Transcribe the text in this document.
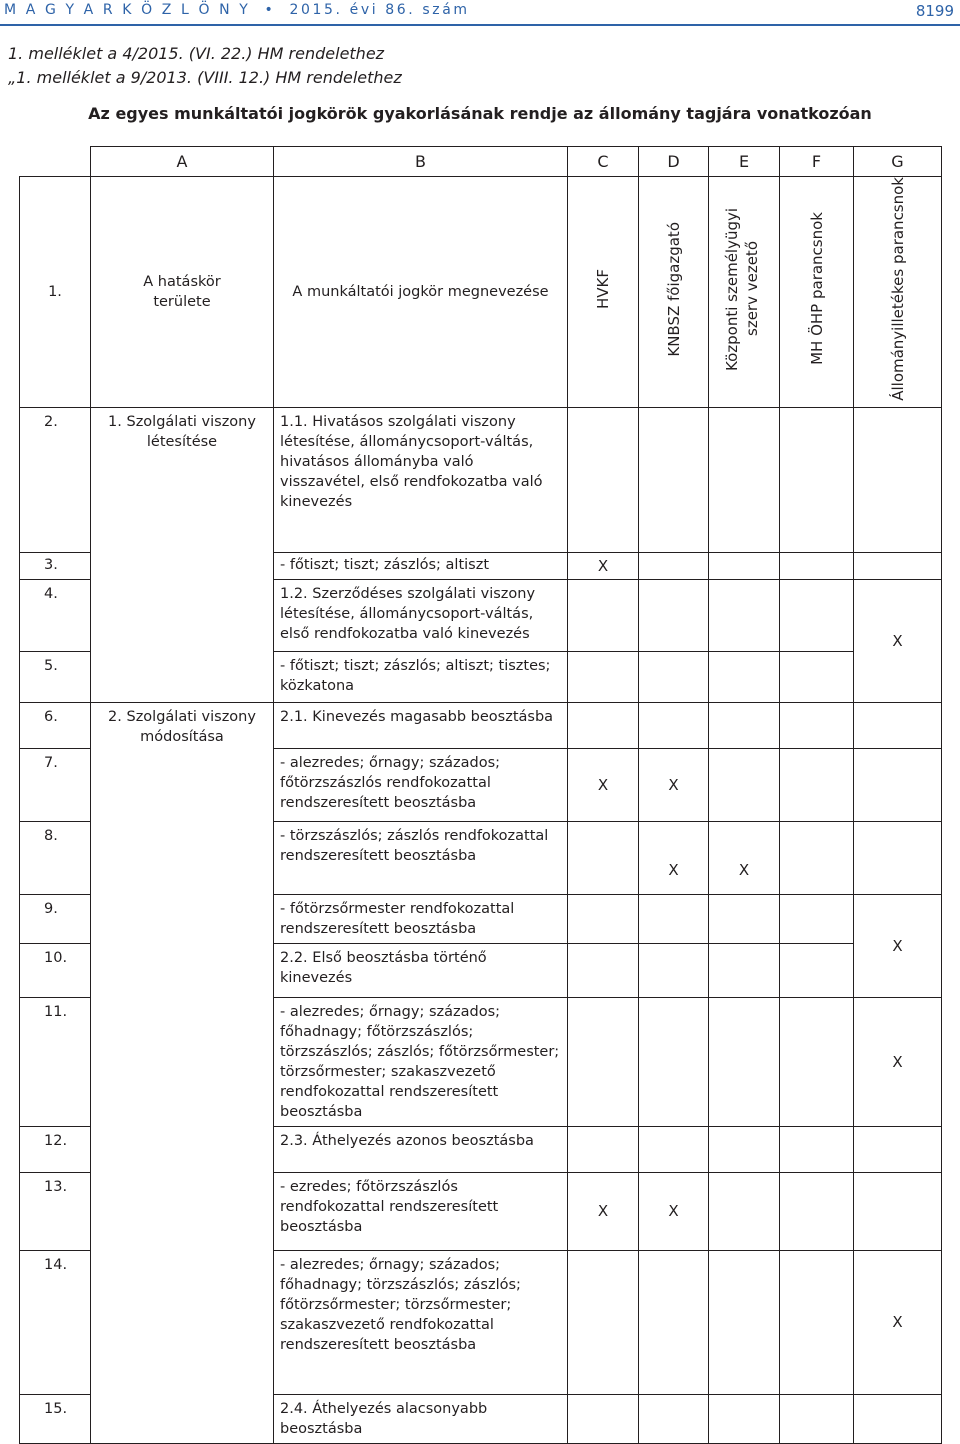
M A G Y A R K Ö Z L Ö N Y  •  2015. évi 86. szám	8199
1. melléklet a 4/2015. (VI. 22.) HM rendelethez
„1. melléklet a 9/2013. (VIII. 12.) HM rendelethez
Az egyes munkáltatói jogkörök gyakorlásának rendje az állomány tagjára vonatkozóan
	A	B	C	D	E	F	G
1.	A hatáskör területe	A munkáltatói jogkör megnevezése	HVKF	KNBSZ főigazgató	Központi személyügyi szerv vezető	MH ÖHP parancsnok	Állományilletékes parancsnok
2.	1. Szolgálati viszony létesítése	1.1. Hivatásos szolgálati viszony létesítése, állománycsoport-váltás, hivatásos állományba való visszavétel, első rendfokozatba való kinevezés					
3.		- főtiszt; tiszt; zászlós; altiszt	X				
4.		1.2. Szerződéses szolgálati viszony létesítése, állománycsoport-váltás, első rendfokozatba való kinevezés					X
5.		- főtiszt; tiszt; zászlós; altiszt; tisztes; közkatona					
6.	2. Szolgálati viszony módosítása	2.1. Kinevezés magasabb beosztásba					
7.		- alezredes; őrnagy; százados; főtörzszászlós rendfokozattal rendszeresített beosztásba	X	X			
8.		- törzszászlós; zászlós rendfokozattal rendszeresített beosztásba		X	X		
9.		- főtörzsőrmester rendfokozattal rendszeresített beosztásba					X
10.		2.2. Első beosztásba történő kinevezés					
11.		- alezredes; őrnagy; százados; főhadnagy; főtörzszászlós; törzszászlós; zászlós; főtörzsőrmester; törzsőrmester; szakaszvezető rendfokozattal rendszeresített beosztásba					X
12.		2.3. Áthelyezés azonos beosztásba					
13.		- ezredes; főtörzszászlós rendfokozattal rendszeresített beosztásba	X	X			
14.		- alezredes; őrnagy; százados; főhadnagy; törzszászlós; zászlós; főtörzsőrmester; törzsőrmester; szakaszvezető rendfokozattal rendszeresített beosztásba					X
15.		2.4. Áthelyezés alacsonyabb beosztásba					
